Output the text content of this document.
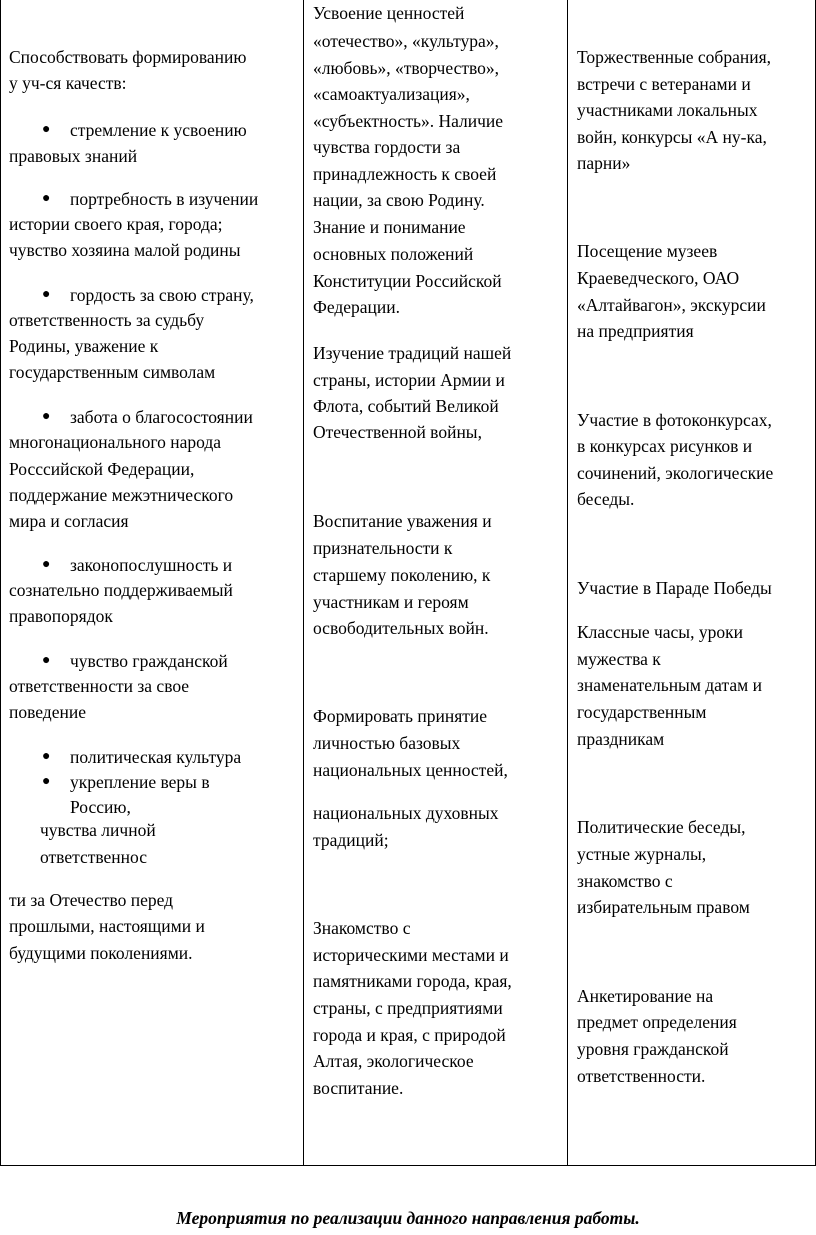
Способствовать формированию
у уч-ся качеств:
● стремление к усвоению
правовых знаний
● портребность в изучении
истории своего края, города;
чувство хозяина малой родины
● гордость за свою страну,
ответственность за судьбу
Родины, уважение к
государственным символам
● забота о благосостоянии
многонационального народа
Росссийской Федерации,
поддержание межэтнического
мира и согласия
● законопослушность и
сознательно поддерживаемый
правопорядок
● чувство гражданской
ответственности за свое
поведение
● политическая культура
● укрепление веры в
Россию,
чувства личной
ответственнос
ти за Отечество перед
прошлыми, настоящими и
будущими поколениями.
Усвоение ценностей
«отечество», «культура»,
«любовь», «творчество»,
«самоактуализация»,
«субъектность». Наличие
чувства гордости за
принадлежность к своей
нации, за свою Родину.
Знание и понимание
основных положений
Конституции Российской
Федерации.
Изучение традиций нашей
страны, истории Армии и
Флота, событий Великой
Отечественной войны,
Воспитание уважения и
признательности к
старшему поколению, к
участникам и героям
освободительных войн.
Формировать принятие
личностью базовых
национальных ценностей,
национальных духовных
традиций;
Знакомство с
историческими местами и
памятниками города, края,
страны, с предприятиями
города и края, с природой
Алтая, экологическое
воспитание.
Торжественные собрания,
встречи с ветеранами и
участниками локальных
войн, конкурсы «А ну-ка,
парни»
Посещение музеев
Краеведческого, ОАО
«Алтайвагон», экскурсии
на предприятия
Участие в фотоконкурсах,
в конкурсах рисунков и
сочинений, экологические
беседы.
Участие в Параде Победы
Классные часы, уроки
мужества к
знаменательным датам и
государственным
праздникам
Политические беседы,
устные журналы,
знакомство с
избирательным правом
Анкетирование на
предмет определения
уровня гражданской
ответственности.
Мероприятия по реализации данного направления работы.
